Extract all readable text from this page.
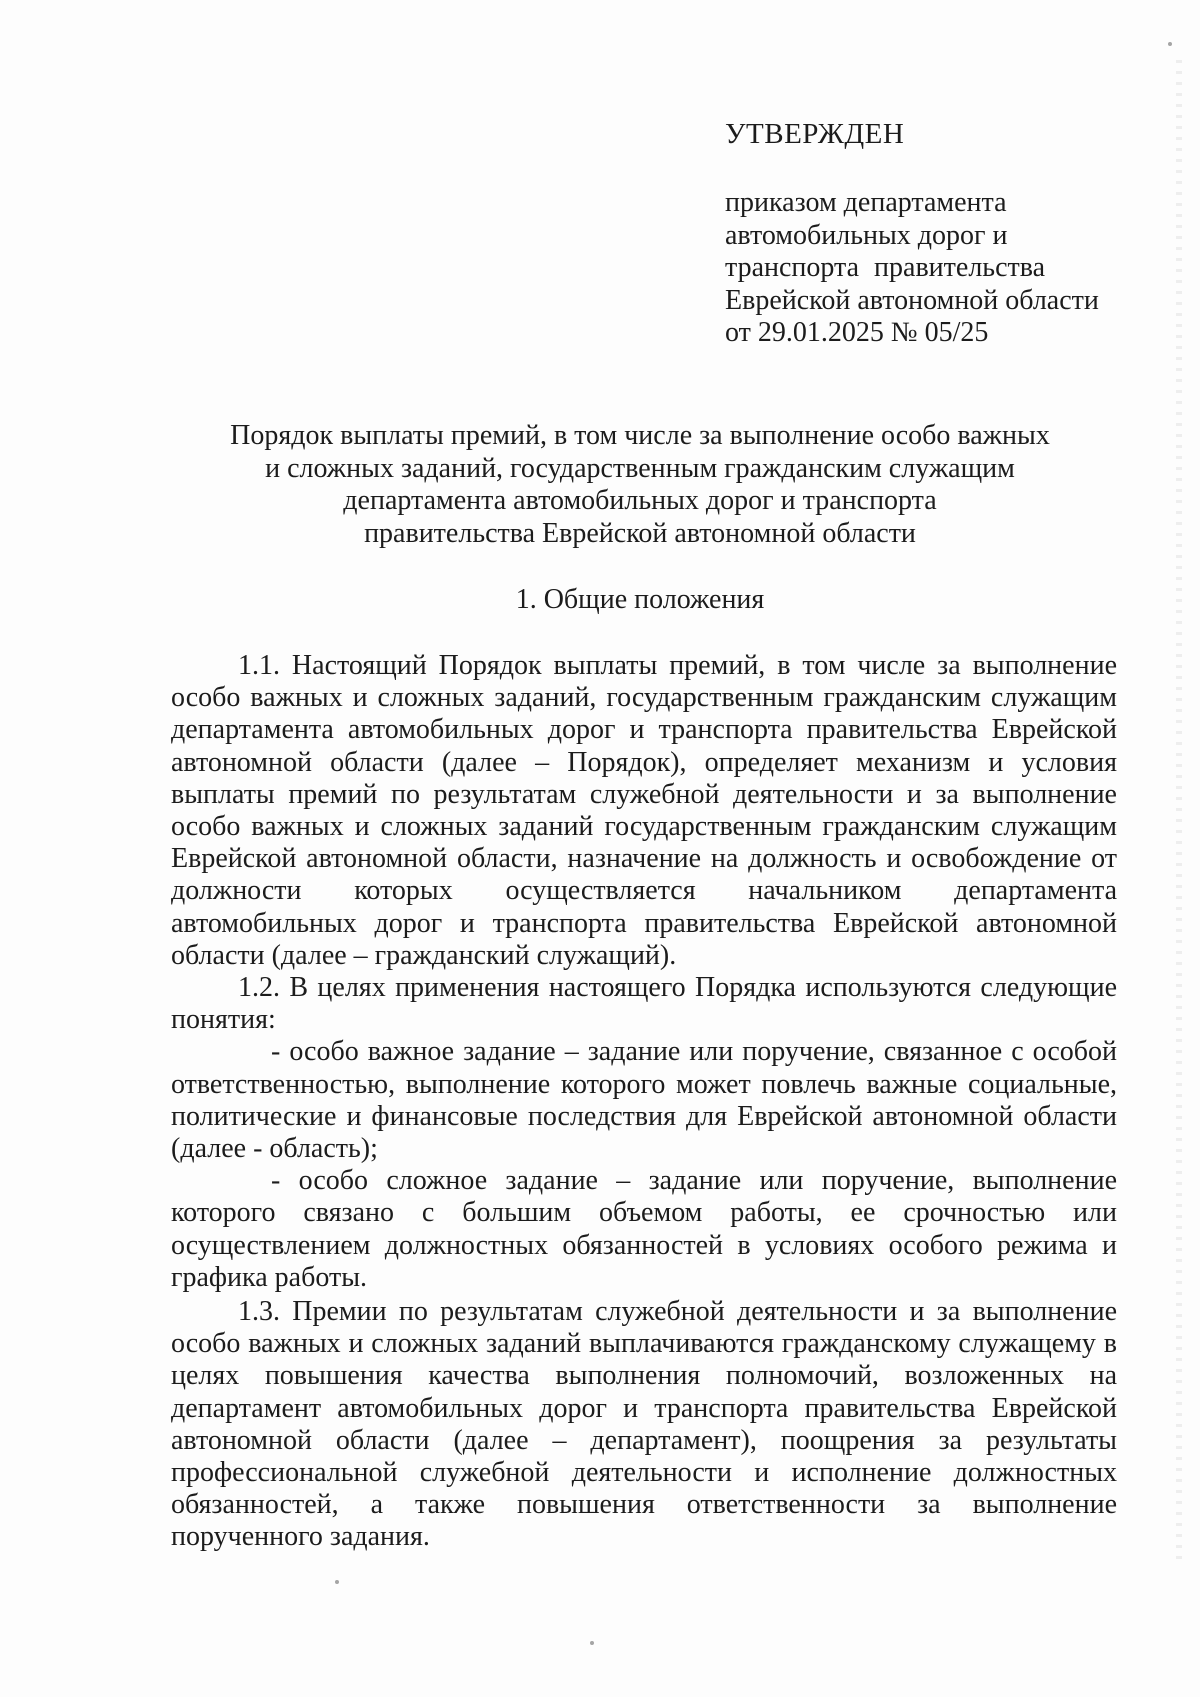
УТВЕРЖДЕН
приказом департамента
автомобильных дорог и
транспорта правительства
Еврейской автономной области
от 29.01.2025 № 05/25
Порядок выплаты премий, в том числе за выполнение особо важных
и сложных заданий, государственным гражданским служащим
департамента автомобильных дорог и транспорта
правительства Еврейской автономной области
1. Общие положения

1.1. Настоящий Порядок выплаты премий, в том числе за выполнение особо важных и сложных заданий, государственным гражданским служащим департамента автомобильных дорог и транспорта правительства Еврейской автономной области (далее – Порядок), определяет механизм и условия выплаты премий по результатам служебной деятельности и за выполнение особо важных и сложных заданий государственным гражданским служащим Еврейской автономной области, назначение на должность и освобождение от должности которых осуществляется начальником департамента автомобильных дорог и транспорта правительства Еврейской автономной области (далее – гражданский служащий).

1.2. В целях применения настоящего Порядка используются следующие понятия:

- особо важное задание – задание или поручение, связанное с особой ответственностью, выполнение которого может повлечь важные социальные, политические и финансовые последствия для Еврейской автономной области (далее - область);

- особо сложное задание – задание или поручение, выполнение которого связано с большим объемом работы, ее срочностью или осуществлением должностных обязанностей в условиях особого режима и графика работы.

1.3. Премии по результатам служебной деятельности и за выполнение особо важных и сложных заданий выплачиваются гражданскому служащему в целях повышения качества выполнения полномочий, возложенных на департамент автомобильных дорог и транспорта правительства Еврейской автономной области (далее – департамент), поощрения за результаты профессиональной служебной деятельности и исполнение должностных обязанностей, а также повышения ответственности за выполнение порученного задания.
